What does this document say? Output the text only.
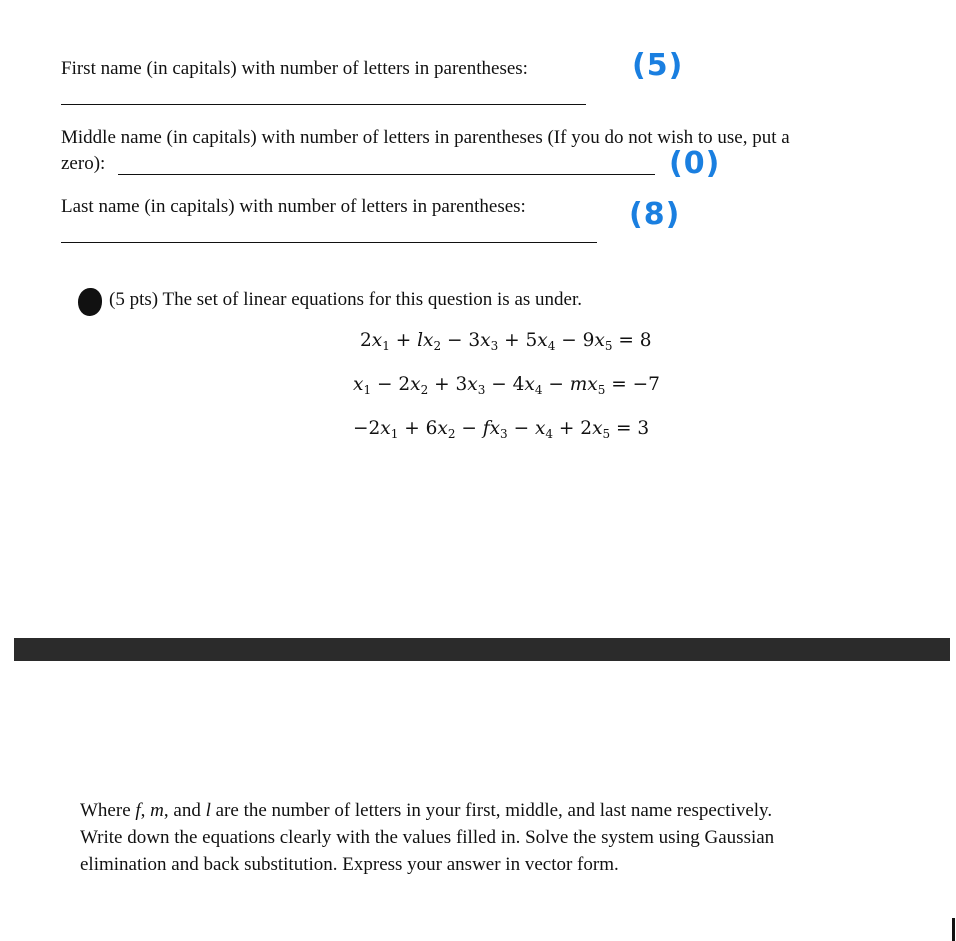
First name (in capitals) with number of letters in parentheses:	(5)
Middle name (in capitals) with number of letters in parentheses (If you do not wish to use, put a
zero):	(0)
Last name (in capitals) with number of letters in parentheses:	(8)
(5 pts) The set of linear equations for this question is as under.
$2x_1 + lx_2 - 3x_3 + 5x_4 - 9x_5 = 8$
$x_1 - 2x_2 + 3x_3 - 4x_4 - mx_5 = -7$
$-2x_1 + 6x_2 - fx_3 - x_4 + 2x_5 = 3$
Where f, m, and l are the number of letters in your first, middle, and last name respectively.
Write down the equations clearly with the values filled in. Solve the system using Gaussian
elimination and back substitution. Express your answer in vector form.
